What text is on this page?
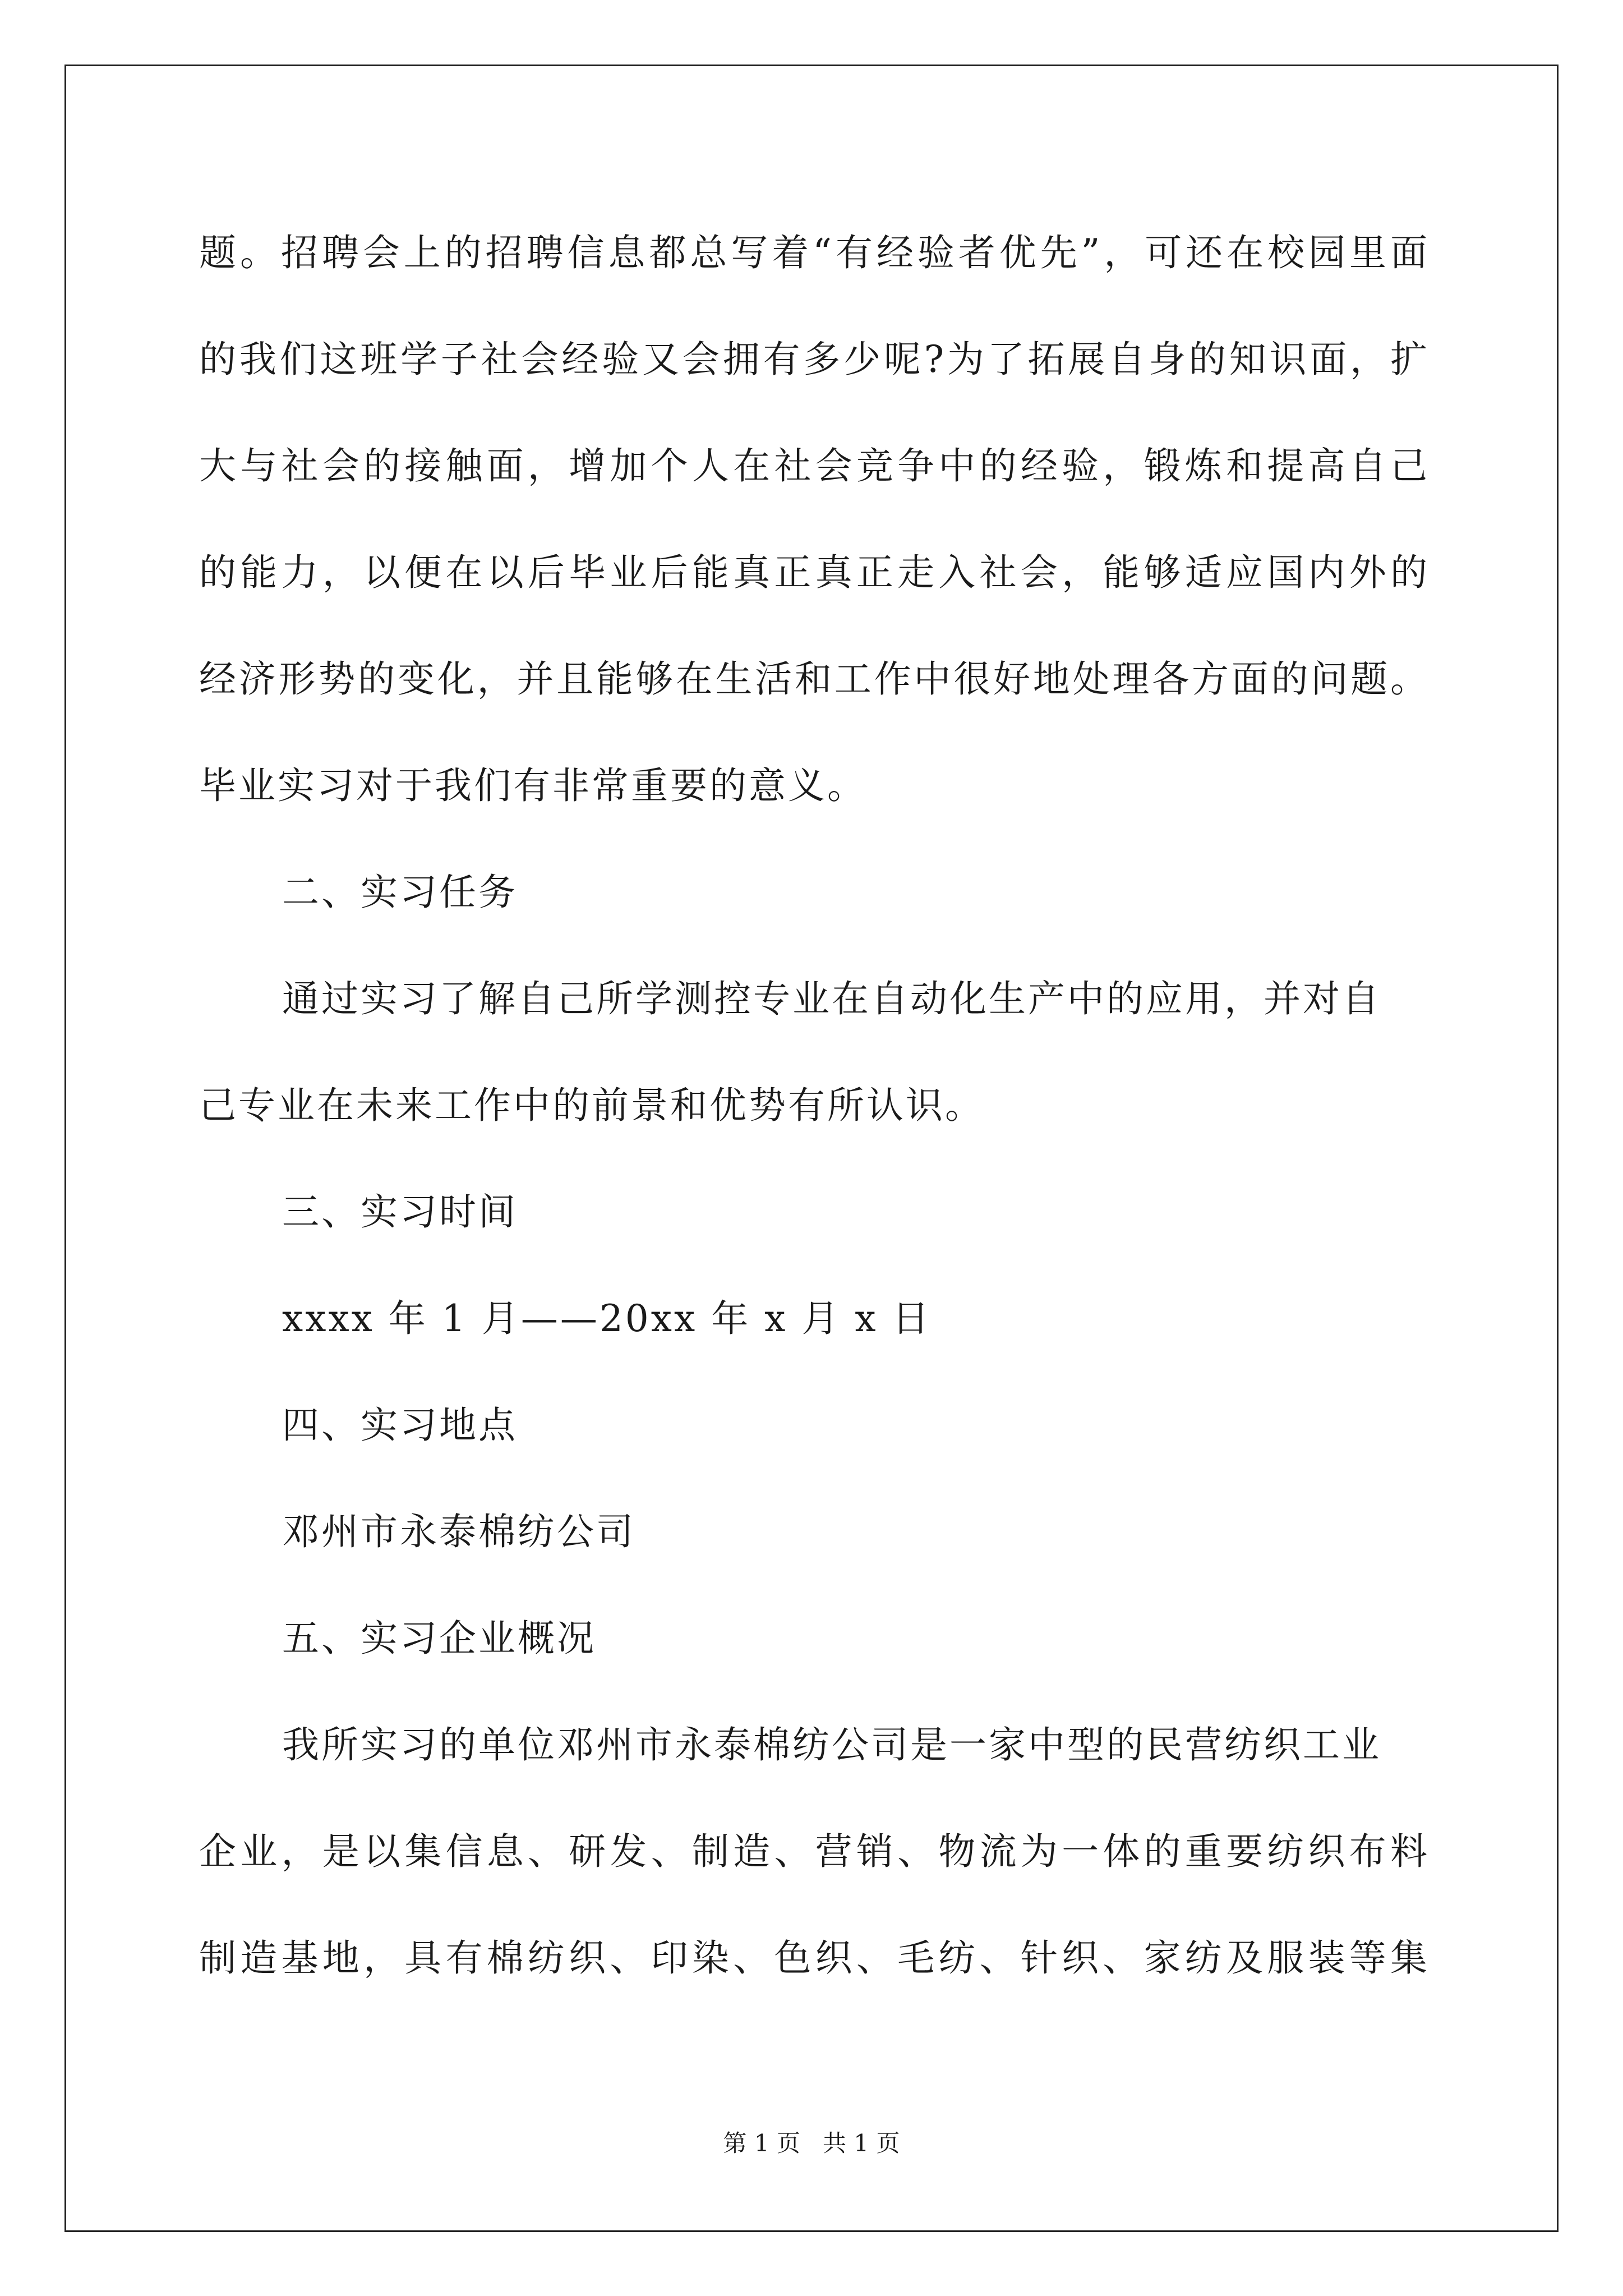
题。招聘会上的招聘信息都总写着“有经验者优先”，可还在校园里面
的我们这班学子社会经验又会拥有多少呢?为了拓展自身的知识面，扩
大与社会的接触面，增加个人在社会竞争中的经验，锻炼和提高自己
的能力，以便在以后毕业后能真正真正走入社会，能够适应国内外的
经济形势的变化，并且能够在生活和工作中很好地处理各方面的问题。
毕业实习对于我们有非常重要的意义。
二、实习任务
通过实习了解自己所学测控专业在自动化生产中的应用，并对自
己专业在未来工作中的前景和优势有所认识。
三、实习时间
xxxx 年 1 月——20xx 年 x 月 x 日
四、实习地点
邓州市永泰棉纺公司
五、实习企业概况
我所实习的单位邓州市永泰棉纺公司是一家中型的民营纺织工业
企业，是以集信息、研发、制造、营销、物流为一体的重要纺织布料
制造基地，具有棉纺织、印染、色织、毛纺、针织、家纺及服装等集
第 1 页   共 1 页
